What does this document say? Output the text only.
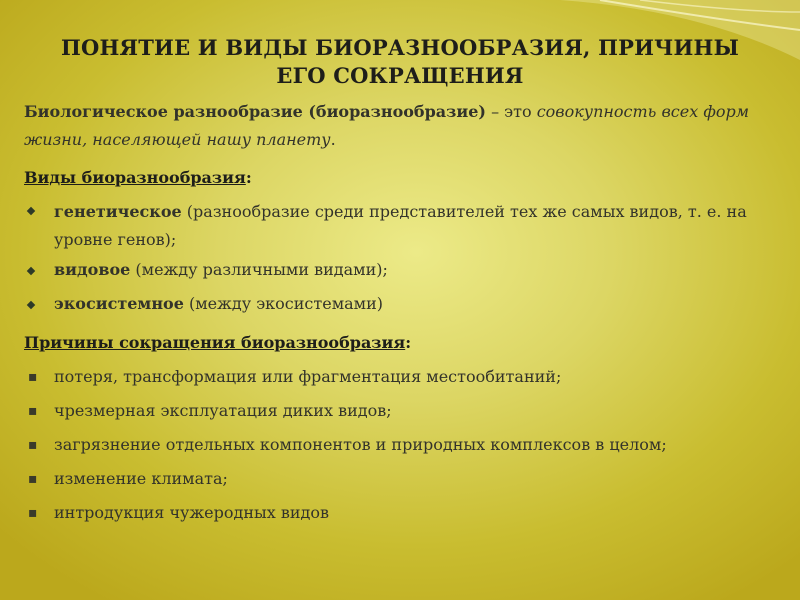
ПОНЯТИЕ И ВИДЫ БИОРАЗНООБРАЗИЯ, ПРИЧИНЫ
ЕГО СОКРАЩЕНИЯ
Биологическое разнообразие (биоразнообразие) – это совокупность всех форм жизни, населяющей нашу планету.
Виды биоразнообразия:
генетическое (разнообразие среди представителей тех же самых видов, т. е. на уровне генов);
видовое (между различными видами);
экосистемное (между экосистемами)
Причины сокращения биоразнообразия:
▪ потеря, трансформация или фрагментация местообитаний;
▪ чрезмерная эксплуатация диких видов;
▪ загрязнение отдельных компонентов и природных комплексов в целом;
▪ изменение климата;
▪ интродукция чужеродных видов
